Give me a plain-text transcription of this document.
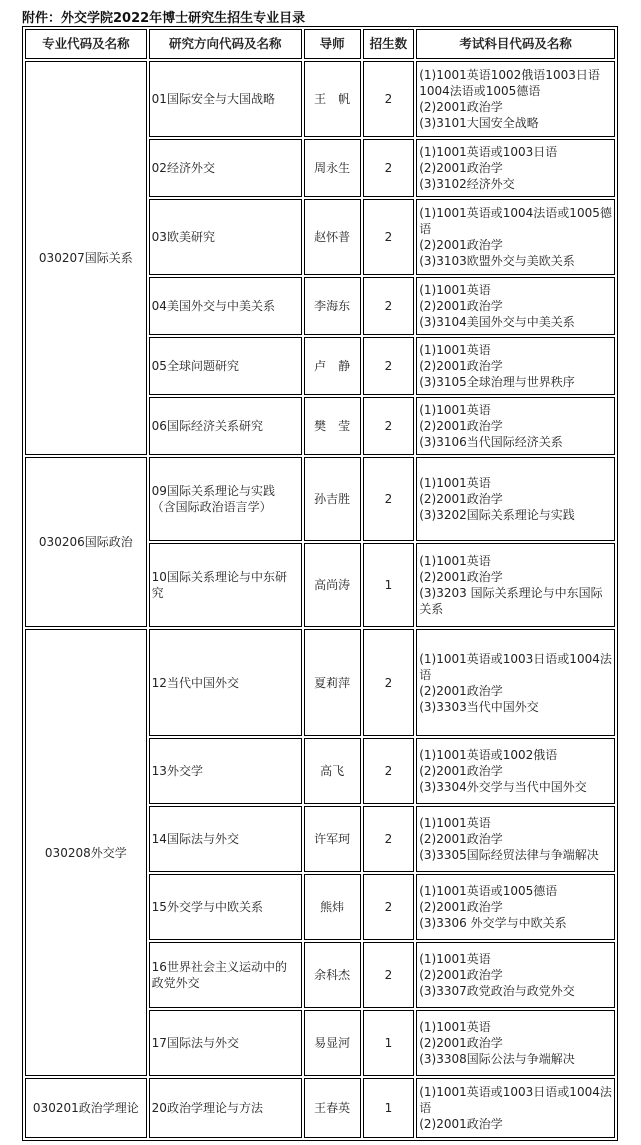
附件：外交学院2022年博士研究生招生专业目录
专业代码及名称	研究方向代码及名称	导师	招生数	考试科目代码及名称
030207国际关系	01国际安全与大国战略	王　帆	2	(1)1001英语1002俄语1003日语1004法语或1005德语
(2)2001政治学
(3)3101大国安全战略

	02经济外交	周永生	2	(1)1001英语或1003日语
(2)2001政治学
(3)3102经济外交

	03欧美研究	赵怀普	2	(1)1001英语或1004法语或1005德语
(2)2001政治学
(3)3103欧盟外交与美欧关系

	04美国外交与中美关系	李海东	2	(1)1001英语
(2)2001政治学
(3)3104美国外交与中美关系

	05全球问题研究	卢　静	2	(1)1001英语
(2)2001政治学
(3)3105全球治理与世界秩序

	06国际经济关系研究	樊　莹	2	(1)1001英语
(2)2001政治学
(3)3106当代国际经济关系

030206国际政治	09国际关系理论与实践（含国际政治语言学）	孙吉胜	2	(1)1001英语
(2)2001政治学
(3)3202国际关系理论与实践

	10国际关系理论与中东研究	高尚涛	1	(1)1001英语
(2)2001政治学
(3)3203 国际关系理论与中东国际关系

030208外交学	12当代中国外交	夏莉萍	2	(1)1001英语或1003日语或1004法语
(2)2001政治学
(3)3303当代中国外交

	13外交学	高飞	2	(1)1001英语或1002俄语
(2)2001政治学
(3)3304外交学与当代中国外交

	14国际法与外交	许军珂	2	(1)1001英语
(2)2001政治学
(3)3305国际经贸法律与争端解决

	15外交学与中欧关系	熊炜	2	(1)1001英语或1005德语
(2)2001政治学
(3)3306 外交学与中欧关系

	16世界社会主义运动中的政党外交	余科杰	2	(1)1001英语
(2)2001政治学
(3)3307政党政治与政党外交

	17国际法与外交	易显河	1	(1)1001英语
(2)2001政治学
(3)3308国际公法与争端解决

030201政治学理论	20政治学理论与方法	王春英	1	(1)1001英语或1003日语或1004法语
(2)2001政治学
